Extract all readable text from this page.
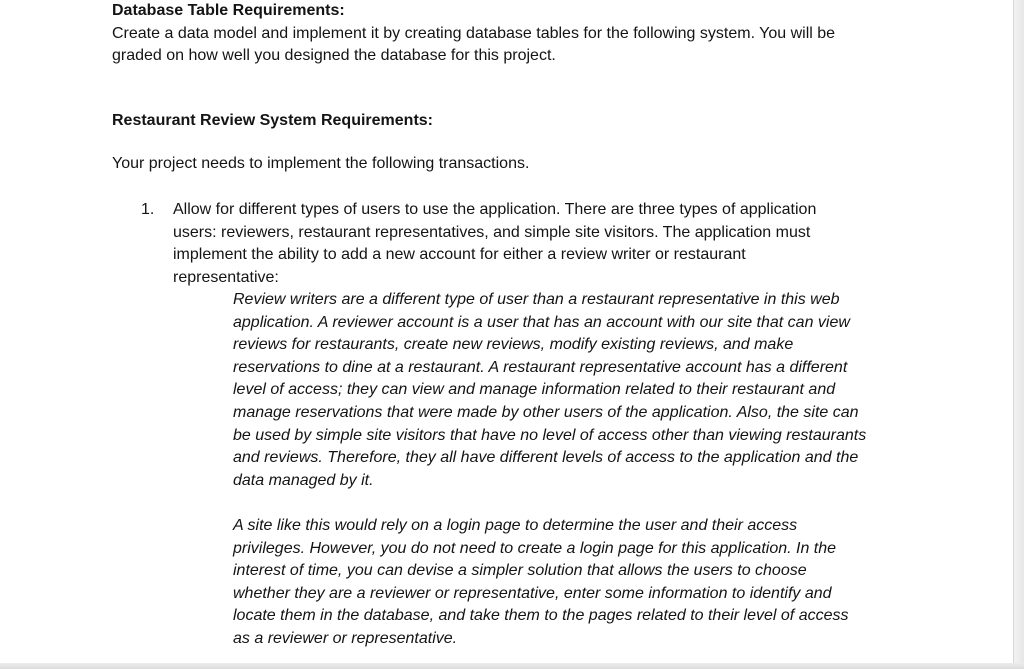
Database Table Requirements:
Create a data model and implement it by creating database tables for the following system. You will be
graded on how well you designed the database for this project.
Restaurant Review System Requirements:
Your project needs to implement the following transactions.
1. Allow for different types of users to use the application. There are three types of application
users: reviewers, restaurant representatives, and simple site visitors. The application must
implement the ability to add a new account for either a review writer or restaurant
representative:
Review writers are a different type of user than a restaurant representative in this web
application. A reviewer account is a user that has an account with our site that can view
reviews for restaurants, create new reviews, modify existing reviews, and make
reservations to dine at a restaurant. A restaurant representative account has a different
level of access; they can view and manage information related to their restaurant and
manage reservations that were made by other users of the application. Also, the site can
be used by simple site visitors that have no level of access other than viewing restaurants
and reviews. Therefore, they all have different levels of access to the application and the
data managed by it.
A site like this would rely on a login page to determine the user and their access
privileges. However, you do not need to create a login page for this application. In the
interest of time, you can devise a simpler solution that allows the users to choose
whether they are a reviewer or representative, enter some information to identify and
locate them in the database, and take them to the pages related to their level of access
as a reviewer or representative.
